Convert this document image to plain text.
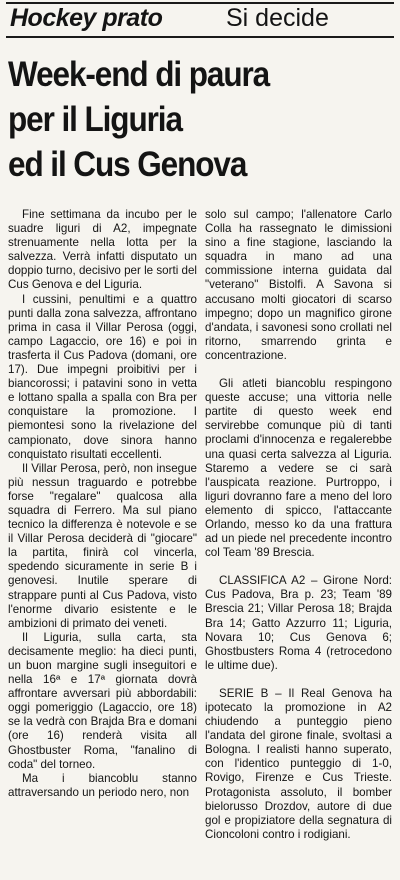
Hockey prato	Si decide
Week-end di paura
per il Liguria
ed il Cus Genova

Fine settimana da incubo per le suadre liguri di A2, impegnate strenuamente nella lotta per la salvezza. Verrà infatti disputato un doppio turno, decisivo per le sorti del Cus Genova e del Liguria.

I cussini, penultimi e a quattro punti dalla zona salvezza, affrontano prima in casa il Villar Perosa (oggi, campo Lagaccio, ore 16) e poi in trasferta il Cus Padova (domani, ore 17). Due impegni proibitivi per i biancorossi; i patavini sono in vetta e lottano spalla a spalla con Bra per conquistare la promozione. I piemontesi sono la rivelazione del campionato, dove sinora hanno conquistato risultati eccellenti.

Il Villar Perosa, però, non insegue più nessun traguardo e potrebbe forse "regalare" qualcosa alla squadra di Ferrero. Ma sul piano tecnico la differenza è notevole e se il Villar Perosa deciderà di "giocare" la partita, finirà col vincerla, spedendo sicuramente in serie B i genovesi. Inutile sperare di strappare punti al Cus Padova, visto l'enorme divario esistente e le ambizioni di primato dei veneti.

Il Liguria, sulla carta, sta decisamente meglio: ha dieci punti, un buon margine sugli inseguitori e nella 16ª e 17ª giornata dovrà affrontare avversari più abbordabili: oggi pomeriggio (Lagaccio, ore 18) se la vedrà con Brajda Bra e domani (ore 16) renderà visita all Ghostbuster Roma, "fanalino di coda" del torneo.

Ma i biancoblu stanno attraversando un periodo nero, non

solo sul campo; l'allenatore Carlo Colla ha rassegnato le dimissioni sino a fine stagione, lasciando la squadra in mano ad una commissione interna guidata dal "veterano" Bistolfi. A Savona si accusano molti giocatori di scarso impegno; dopo un magnifico girone d'andata, i savonesi sono crollati nel ritorno, smarrendo grinta e concentrazione.

Gli atleti biancoblu respingono queste accuse; una vittoria nelle partite di questo week end servirebbe comunque più di tanti proclami d'innocenza e regalerebbe una quasi certa salvezza al Liguria. Staremo a vedere se ci sarà l'auspicata reazione. Purtroppo, i liguri dovranno fare a meno del loro elemento di spicco, l'attaccante Orlando, messo ko da una frattura ad un piede nel precedente incontro col Team '89 Brescia.

CLASSIFICA A2 – Girone Nord: Cus Padova, Bra p. 23; Team '89 Brescia 21; Villar Perosa 18; Brajda Bra 14; Gatto Azzurro 11; Liguria, Novara 10; Cus Genova 6; Ghostbusters Roma 4 (retrocedono le ultime due).

SERIE B – Il Real Genova ha ipotecato la promozione in A2 chiudendo a punteggio pieno l'andata del girone finale, svoltasi a Bologna. I realisti hanno superato, con l'identico punteggio di 1-0, Rovigo, Firenze e Cus Trieste. Protagonista assoluto, il bomber bielorusso Drozdov, autore di due gol e propiziatore della segnatura di Cioncoloni contro i rodigiani.
